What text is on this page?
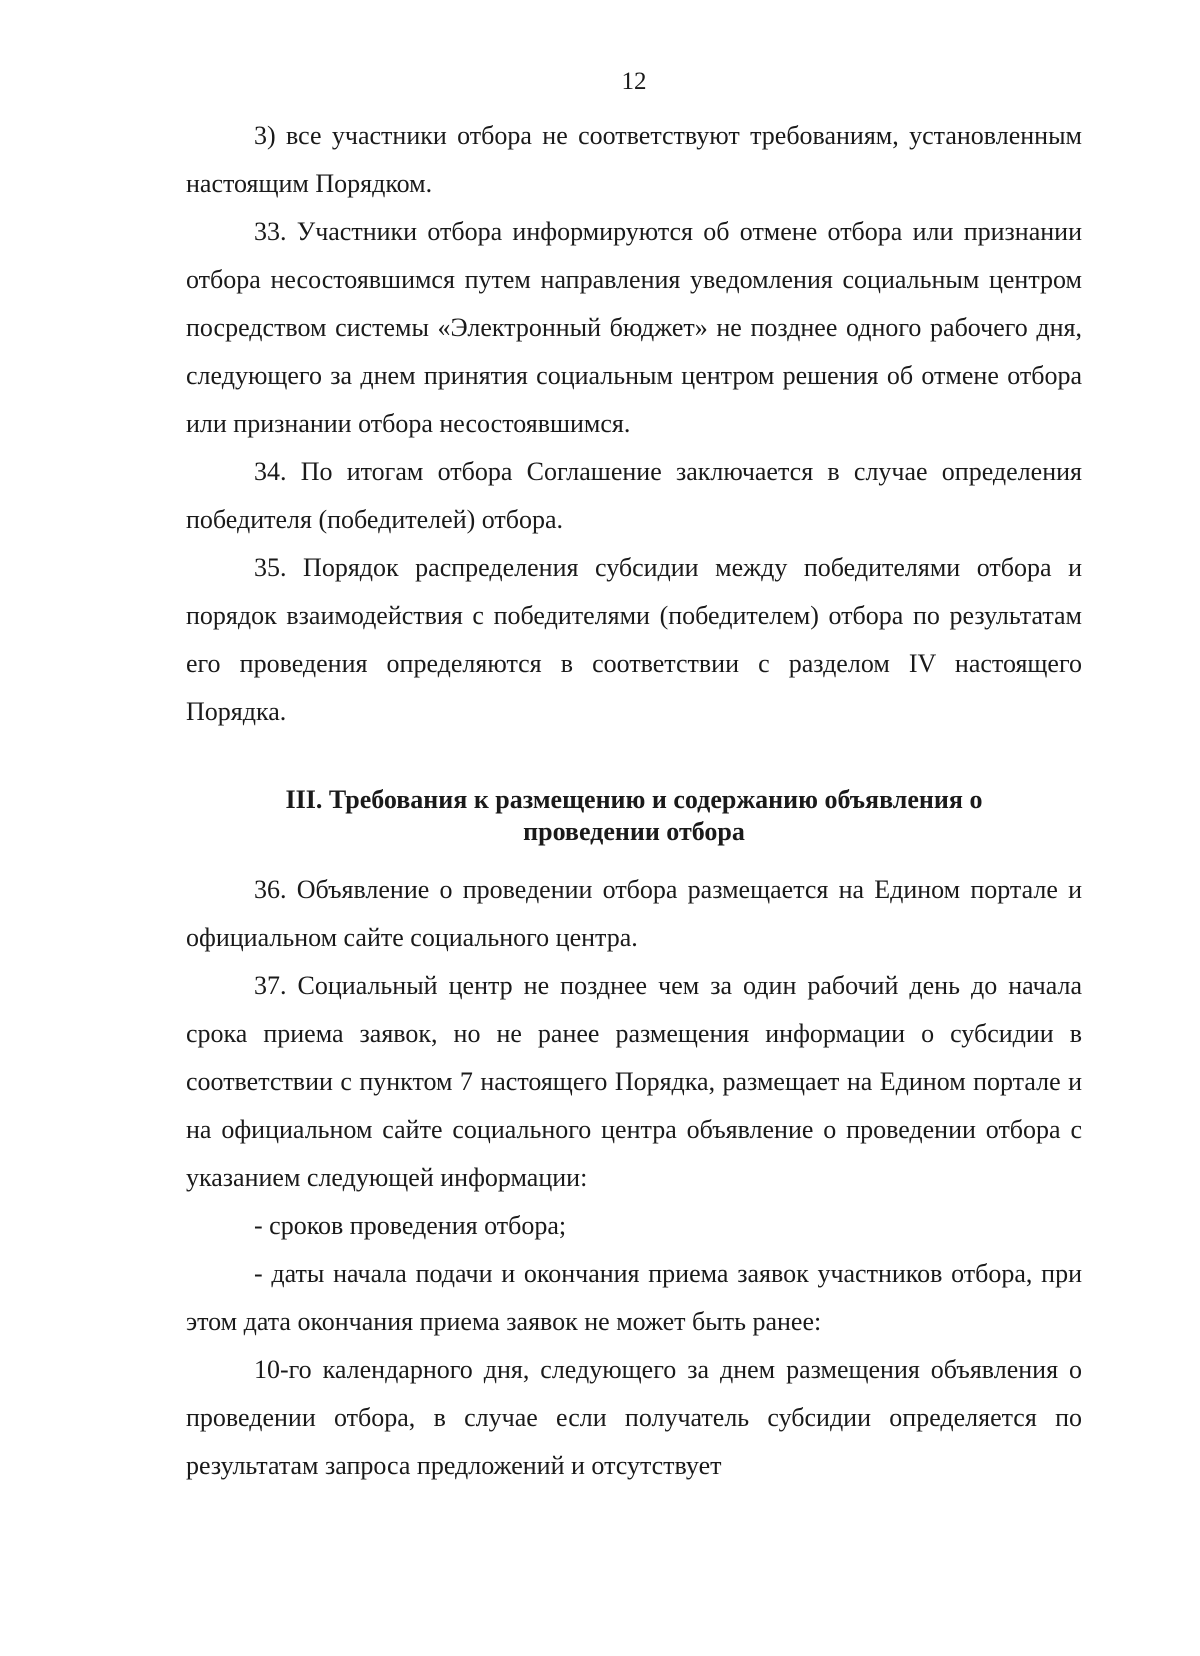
12

3) все участники отбора не соответствуют требованиям, установленным настоящим Порядком.

33. Участники отбора информируются об отмене отбора или признании отбора несостоявшимся путем направления уведомления социальным центром посредством системы «Электронный бюджет» не позднее одного рабочего дня, следующего за днем принятия социальным центром решения об отмене отбора или признании отбора несостоявшимся.

34. По итогам отбора Соглашение заключается в случае определения победителя (победителей) отбора.

35. Порядок распределения субсидии между победителями отбора и порядок взаимодействия с победителями (победителем) отбора по результатам его проведения определяются в соответствии с разделом IV настоящего Порядка.

III. Требования к размещению и содержанию объявления о
проведении отбора

36. Объявление о проведении отбора размещается на Едином портале и официальном сайте социального центра.

37. Социальный центр не позднее чем за один рабочий день до начала срока приема заявок, но не ранее размещения информации о субсидии в соответствии с пунктом 7 настоящего Порядка, размещает на Едином портале и на официальном сайте социального центра объявление о проведении отбора с указанием следующей информации:

- сроков проведения отбора;

- даты начала подачи и окончания приема заявок участников отбора, при этом дата окончания приема заявок не может быть ранее:

10-го календарного дня, следующего за днем размещения объявления о проведении отбора, в случае если получатель субсидии определяется по результатам запроса предложений и отсутствует
